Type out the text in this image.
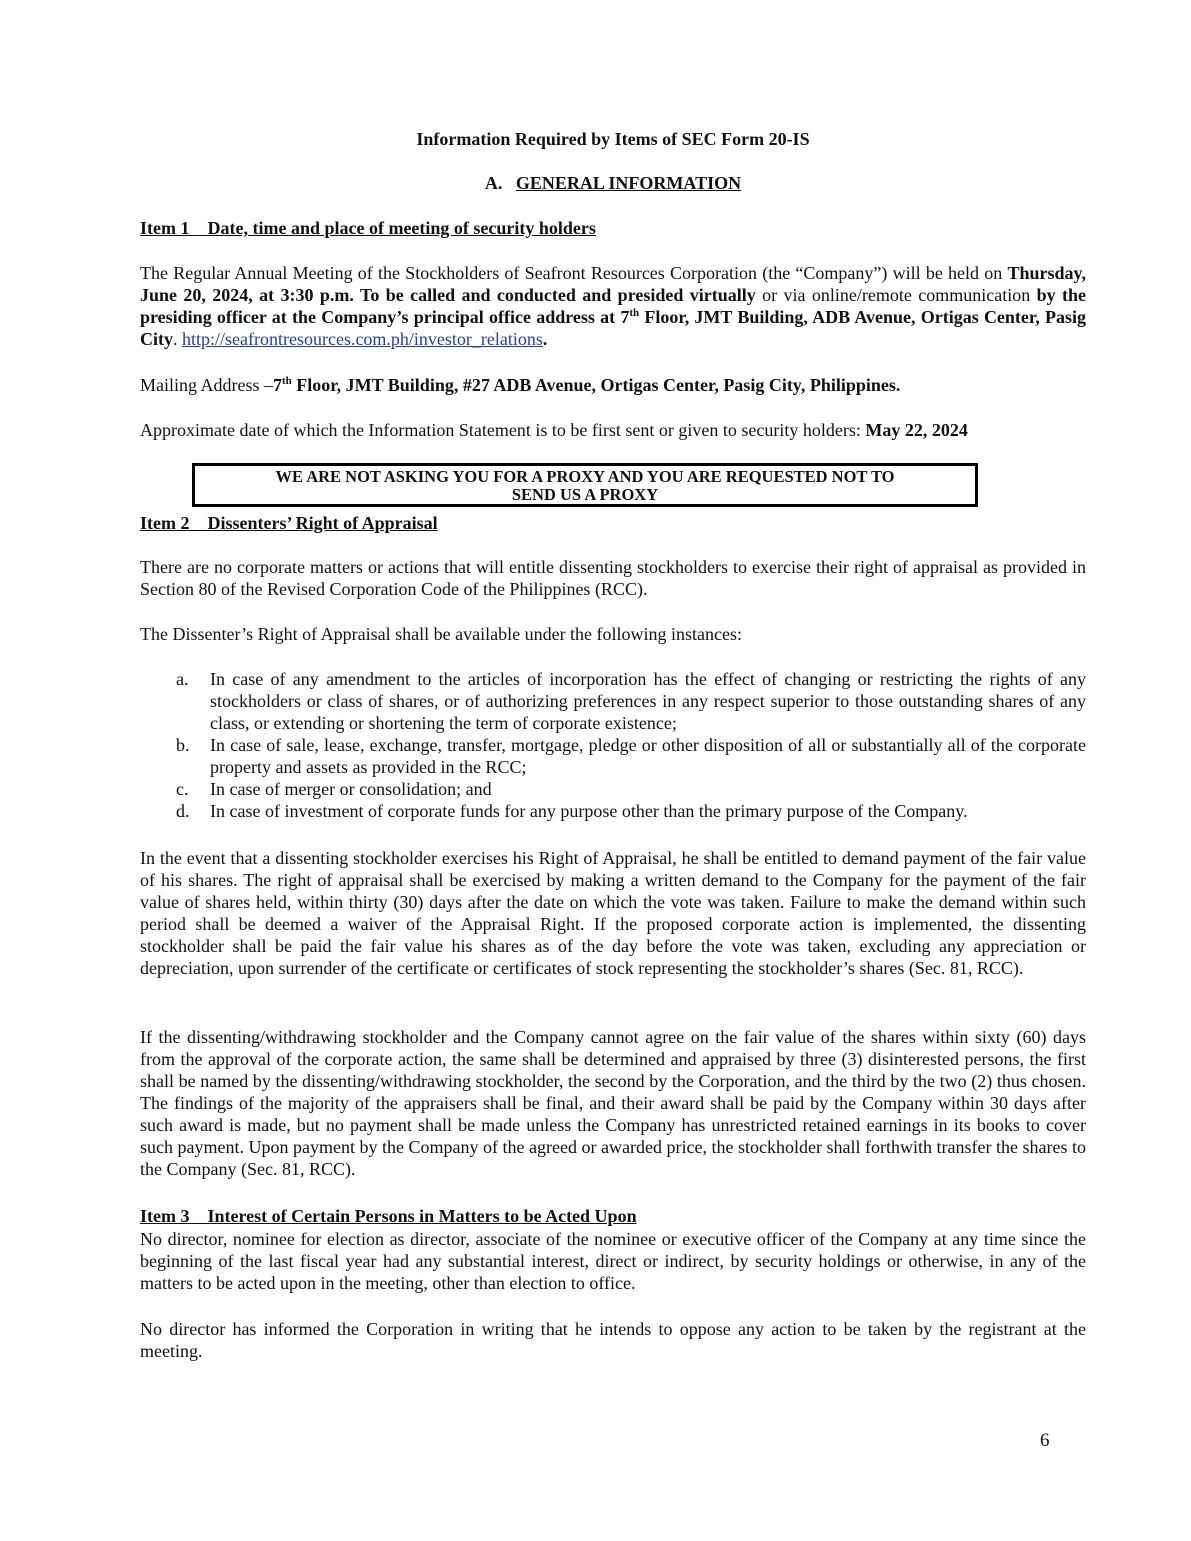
Information Required by Items of SEC Form 20-IS
A. GENERAL INFORMATION
Item 1    Date, time and place of meeting of security holders
The Regular Annual Meeting of the Stockholders of Seafront Resources Corporation (the “Company”) will be held on Thursday, June 20, 2024, at 3:30 p.m. To be called and conducted and presided virtually or via online/remote communication by the presiding officer at the Company’s principal office address at 7th Floor, JMT Building, ADB Avenue, Ortigas Center, Pasig City. http://seafrontresources.com.ph/investor_relations.
Mailing Address –7th Floor, JMT Building, #27 ADB Avenue, Ortigas Center, Pasig City, Philippines.
Approximate date of which the Information Statement is to be first sent or given to security holders: May 22, 2024
WE ARE NOT ASKING YOU FOR A PROXY AND YOU ARE REQUESTED NOT TO
SEND US A PROXY
Item 2    Dissenters’ Right of Appraisal
There are no corporate matters or actions that will entitle dissenting stockholders to exercise their right of appraisal as provided in Section 80 of the Revised Corporation Code of the Philippines (RCC).
The Dissenter’s Right of Appraisal shall be available under the following instances:
a.	In case of any amendment to the articles of incorporation has the effect of changing or restricting the rights of any stockholders or class of shares, or of authorizing preferences in any respect superior to those outstanding shares of any class, or extending or shortening the term of corporate existence;
b.	In case of sale, lease, exchange, transfer, mortgage, pledge or other disposition of all or substantially all of the corporate property and assets as provided in the RCC;
c.	In case of merger or consolidation; and
d.	In case of investment of corporate funds for any purpose other than the primary purpose of the Company.
In the event that a dissenting stockholder exercises his Right of Appraisal, he shall be entitled to demand payment of the fair value of his shares. The right of appraisal shall be exercised by making a written demand to the Company for the payment of the fair value of shares held, within thirty (30) days after the date on which the vote was taken. Failure to make the demand within such period shall be deemed a waiver of the Appraisal Right. If the proposed corporate action is implemented, the dissenting stockholder shall be paid the fair value his shares as of the day before the vote was taken, excluding any appreciation or depreciation, upon surrender of the certificate or certificates of stock representing the stockholder’s shares (Sec. 81, RCC).
If the dissenting/withdrawing stockholder and the Company cannot agree on the fair value of the shares within sixty (60) days from the approval of the corporate action, the same shall be determined and appraised by three (3) disinterested persons, the first shall be named by the dissenting/withdrawing stockholder, the second by the Corporation, and the third by the two (2) thus chosen. The findings of the majority of the appraisers shall be final, and their award shall be paid by the Company within 30 days after such award is made, but no payment shall be made unless the Company has unrestricted retained earnings in its books to cover such payment. Upon payment by the Company of the agreed or awarded price, the stockholder shall forthwith transfer the shares to the Company (Sec. 81, RCC).
Item 3    Interest of Certain Persons in Matters to be Acted Upon
No director, nominee for election as director, associate of the nominee or executive officer of the Company at any time since the beginning of the last fiscal year had any substantial interest, direct or indirect, by security holdings or otherwise, in any of the matters to be acted upon in the meeting, other than election to office.
No director has informed the Corporation in writing that he intends to oppose any action to be taken by the registrant at the meeting.
6
